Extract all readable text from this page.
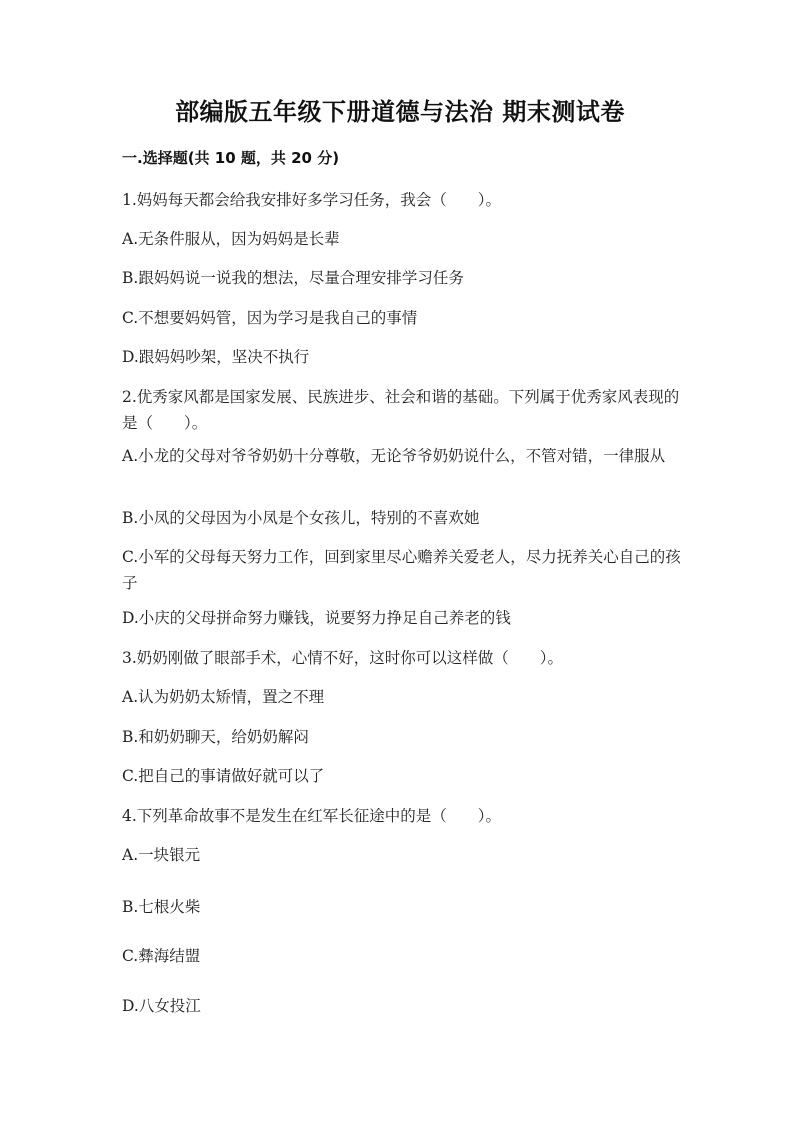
部编版五年级下册道德与法治 期末测试卷
一.选择题(共 10 题，共 20 分)
1.妈妈每天都会给我安排好多学习任务，我会（　　）。
A.无条件服从，因为妈妈是长辈
B.跟妈妈说一说我的想法，尽量合理安排学习任务
C.不想要妈妈管，因为学习是我自己的事情
D.跟妈妈吵架，坚决不执行
2.优秀家风都是国家发展、民族进步、社会和谐的基础。下列属于优秀家风表现的是（　　）。
A.小龙的父母对爷爷奶奶十分尊敬，无论爷爷奶奶说什么，不管对错，一律服从
B.小凤的父母因为小凤是个女孩儿，特别的不喜欢她
C.小军的父母每天努力工作，回到家里尽心赡养关爱老人，尽力抚养关心自己的孩子
D.小庆的父母拼命努力赚钱，说要努力挣足自己养老的钱
3.奶奶刚做了眼部手术，心情不好，这时你可以这样做（　　）。
A.认为奶奶太矫情，置之不理
B.和奶奶聊天，给奶奶解闷
C.把自己的事请做好就可以了
4.下列革命故事不是发生在红军长征途中的是（　　）。
A.一块银元
B.七根火柴
C.彝海结盟
D.八女投江
